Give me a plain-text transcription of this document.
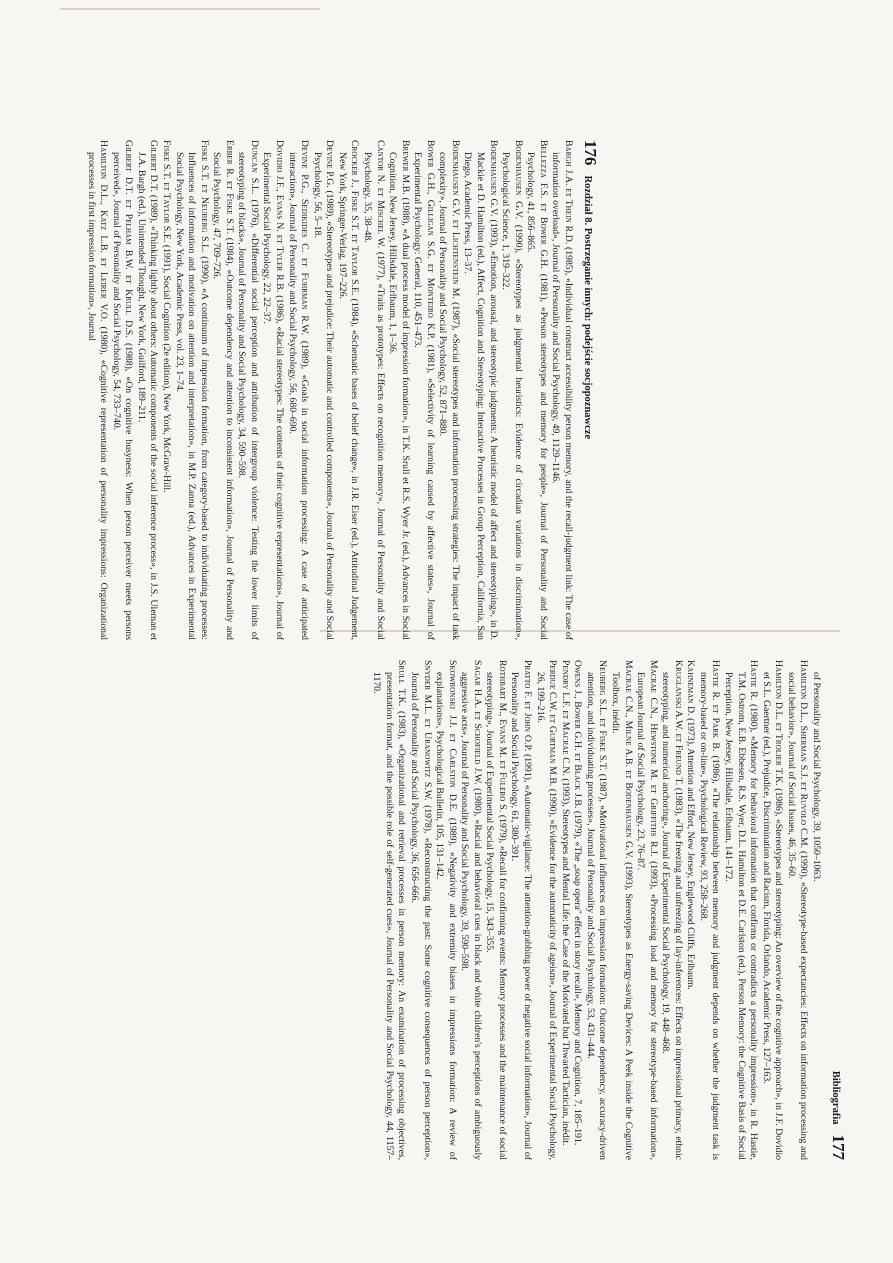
176
Rozdział 8. Postrzeganie innych: podejście socjopoznawcze
Bargh J.A. et Thein R.D. (1985), «Individual construct accessibility person memory, and the recall-judgment link: The case of information overload», Journal of Personality and Social Psychology, 49, 1129–1146.
Bellezza F.S. et Bower G.H. (1981), «Person stereotypes and memory for people», Journal of Personality and Social Psychology, 41, 856–865.
Bodenhausen G.V. (1990), «Stereotypes as judgmental heuristics: Evidence of circadian variations in discrimination», Psychological Science, 1, 319–322.
Bodenhausen G.V. (1993), «Emotion, arousal, and stereotypic judgments: A heuristic model of affect and stereotyping», in D. Mackie et D. Hamilton (ed.), Affect, Cognition and Stereotyping: Interactive Processes in Group Perception, California, San Diego, Academic Press, 13–37.
Bodenhausen G.V. et Lichtenstein M. (1987), «Social stereotypes and information processing strategies: The impact of task complexity», Journal of Personality and Social Psychology, 52, 871–880.
Bower G.H., Gilligan S.G. et Monteiro K.P. (1981), «Selectivity of learning caused by affective states», Journal of Experimental Psychology: General, 110, 451–473.
Brewer M.B. (1988), «A dual process model of impression formation», in T.K. Srull et R.S. Wyer Jr. (ed.), Advances in Social Cognition, New Jersey, Hillsdale, Erlbaum, 1, 1–36.
Cantor N. et Mischel W. (1977), «Traits as prototypes: Effects on recognition memory», Journal of Personality and Social Psychology, 35, 38–48.
Crocker J., Fiske S.T. et Taylor S.E. (1984), «Schematic bases of belief change», in J.R. Eiser (ed.), Attitudinal Judgement, New York, Springer-Verlag, 197–226.
Devine P.G. (1989), «Stereotypes and prejudice: Their automatic and controlled components», Journal of Personality and Social Psychology, 56, 5–18.
Devine P.G., Sedikides C. et Fuhrman R.W. (1989), «Goals in social information processing: A case of anticipated interaction», Journal of Personality and Social Psychology, 56, 680–690.
Dovidio J.F., Evans N. et Tyler R.B. (1986), «Racial stereotypes: The contents of their cognitive representations», Journal of Experimental Social Psychology, 22, 22–37.
Duncan S.L. (1976), «Differential social perception and attribution of intergroup violence: Testing the lower limits of stereotyping of blacks», Journal of Personality and Social Psychology, 34, 590–598.
Erber R. et Fiske S.T. (1984), «Outcome dependency and attention to inconsistent information», Journal of Personality and Social Psychology, 47, 709–726.
Fiske S.T. et Neuberg S.L. (1990), «A continuum of impression formation, from category-based to individuating processes: Influences of information and motivation on attention and interpretation», in M.P. Zanna (ed.), Advances in Experimental Social Psychology, New York, Academic Press, vol. 23, 1–74.
Fiske S.T. et Taylor S.E. (1991), Social Cognition (2e edition), New York, McGraw-Hill.
Gilbert D.T. (1989), «Thinking lightly about others: Automatic components of the social inference process», in J.S. Uleman et J.A. Bargh (ed.), Unintended Thought, New York, Guilford, 189–211.
Gilbert D.T. et Pelham B.W. et Krull D.S. (1988), «On cognitive busyness: When person perceiver meets persons perceived», Journal of Personality and Social Psychology, 54, 733–740.
Hamilton D.L., Katz L.B. et Leirer V.O. (1980), «Cognitive representation of personality impressions: Organizational processes in first impression formation», Journal
Bibliografia
177
of Personality and Social Psychology, 39, 1050–1063.
Hamilton D.L., Sherman S.J. et Ruvolo C.M. (1990), «Stereotype-based expectancies: Effects on information processing and social behavior», Journal of Social Issues, 46, 35–60.
Hamilton D.L. et Trolier T.K. (1986), «Stereotypes and stereotyping: An overview of the cognitive approach», in J.F. Dovidio et S.L. Gaertner (ed.), Prejudice, Discrimination and Racism, Florida, Orlando, Academic Press, 127–163.
Hastie R. (1980), «Memory for behavioral information that confirms or contradicts a personality impression», in R. Hastie, T.M. Ostrom, E.B. Ebbesen, R.S. Wyer, D.L. Hamilton et D.E. Carlston (ed.), Person Memory: the Cognitive Basis of Social Perception, New Jersey, Hillsdale, Erlbaum, 141–172.
Hastie R. et Park B. (1986), «The relationship between memory and judgment depends on whether the judgment task is memory-based or on-line», Psychological Review, 93, 258–268.
Kahneman D. (1973), Attention and Effort, New Jersey, Englewood Cliffs, Erlbaum.
Kruglanski A.W. et Freund T. (1983), «The freezing and unfreezing of lay-inferences: Effects on impressional primacy, ethnic stereotyping, and numerical anchoring», Journal of Experimental Social Psychology, 19, 448–468.
Macrae C.N., Hewstone M. et Griffiths R.J. (1993), «Processing load and memory for stereotype-based information», European Journal of Social Psychology, 23, 76–87.
Macrae C.N., Milne A.B. et Bodenhausen G.V. (1993), Stereotypes as Energy-saving Devices: A Peek inside the Cognitive Toolbox, inédit.
Neuberg S.L. et Fiske S.T. (1987), «Motivational influences on impression formation: Outcome dependency, accuracy-driven attention, and individuating processes», Journal of Personality and Social Psychology, 53, 431–444.
Owens J., Bower G.H. et Black J.B. (1979), «The „soap opera" effect in story recall», Memory and Cognition, 7, 185–191.
Pendry L.F. et Macrae C.N. (1993), Stereotypes and Mental Life: the Case of the Motivated but Thwarted Tactician, inédit.
Perdue C.W. et Gurtman M.B. (1990), «Evidence for the automaticity of ageism», Journal of Experimental Social Psychology, 26, 199–216.
Pratto F. et John O.P. (1991), «Automatic-vigilance: The attention-grabbing power of negative social information», Journal of Personality and Social Psychology, 61, 380–391.
Rothbart M., Evans M. et Fulero S. (1979), «Recall for confirming events: Memory processes and the maintenance of social stereotyping», Journal of Experimental Social Psychology, 15, 343–355.
Sagar H.A. et Schofield J.W. (1980), «Racial and behavioral cues in black and white children's perceptions of ambiguously aggressive acts», Journal of Personality and Social Psychology, 39, 590–598.
Skowronski J.J. et Carlston D.E. (1989), «Negativity and extremity biases in impressions formation: A review of explanations», Psychological Bulletin, 105, 131–142.
Snyder M.L. et Uranowitz S.W. (1978), «Reconstructing the past: Some cognitive consequences of person perception», Journal of Personality and Social Psychology, 36, 656–666.
Srull T.K. (1983), «Organizational and retrieval processes in person memory: An examination of processing objectives, presentation format, and the possible role of self-generated cues», Journal of Personality and Social Psychology, 44, 1157–1170.
